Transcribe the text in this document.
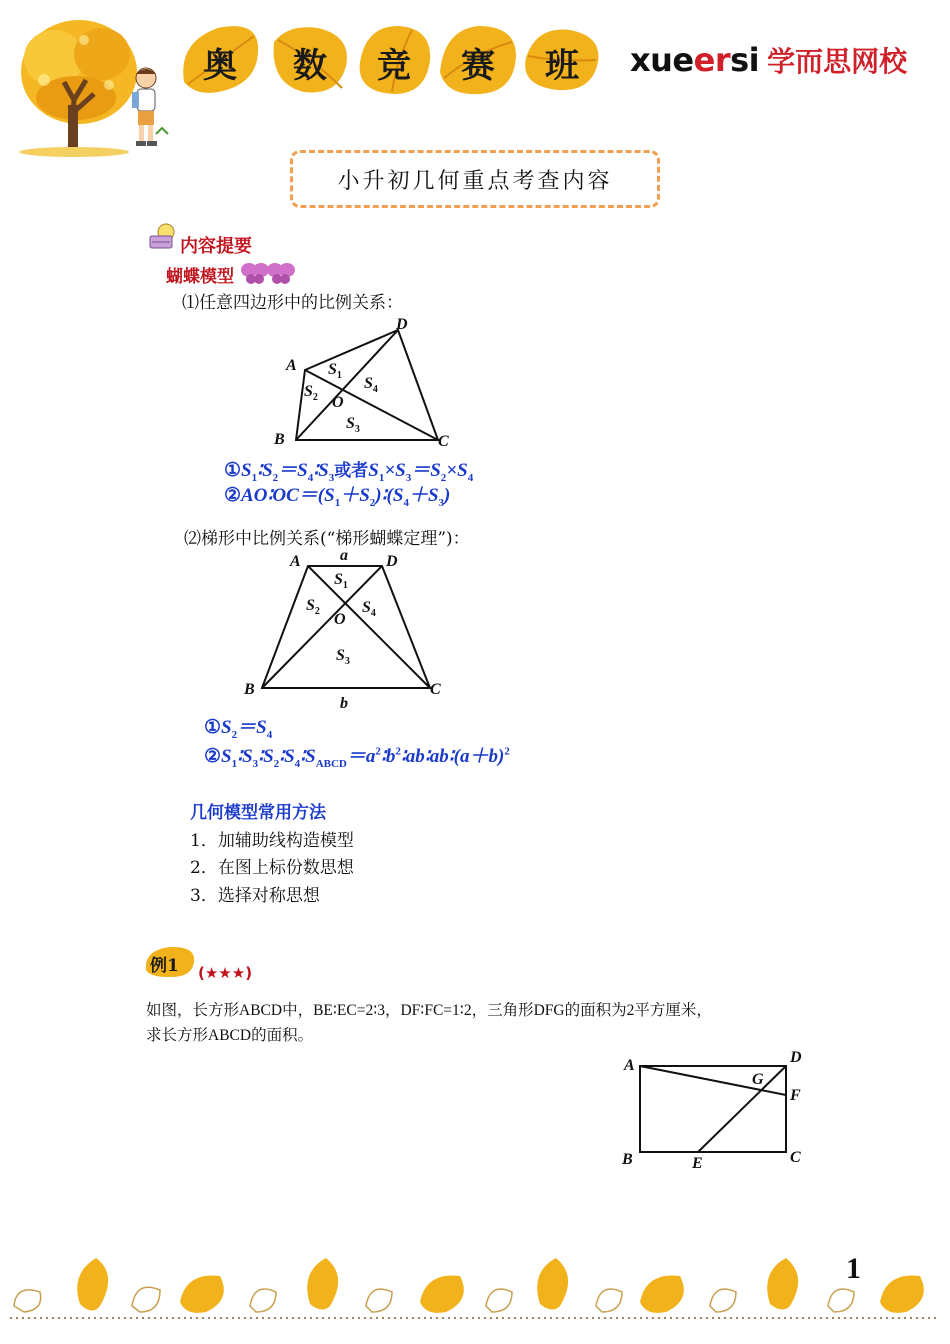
奥	数	竞	赛	班	xueersi 学而思网校
小升初几何重点考查内容
内容提要
蝴蝶模型
⑴任意四边形中的比例关系：
D
A
B	C
O
$S_1$
$S_2$
$S_3$
$S_4$
$①S_1∶S_2=S_4∶S_3$或者$S_1\times S_3=S_2\times S_4$
$②AO∶OC=(S_1+S_2)∶(S_4+S_3)$
⑵梯形中比例关系(“梯形蝴蝶定理”)：
A	D
a
B	C
b
O
$S_1$
$S_2$
$S_3$
$S_4$
$①S_2=S_4$
$②S_1∶S_3∶S_2∶S_4∶S_{ABCD}=a^2∶b^2∶ab∶ab∶(a+b)^2$
几何模型常用方法
1．加辅助线构造模型
2．在图上标份数思想
3．选择对称思想
例1 (★★★)
如图，长方形ABCD中，BE∶EC=2∶3，DF∶FC=1∶2，三角形DFG的面积为2平方厘米，
求长方形ABCD的面积。
A	D
F
G
B	E	C
1
